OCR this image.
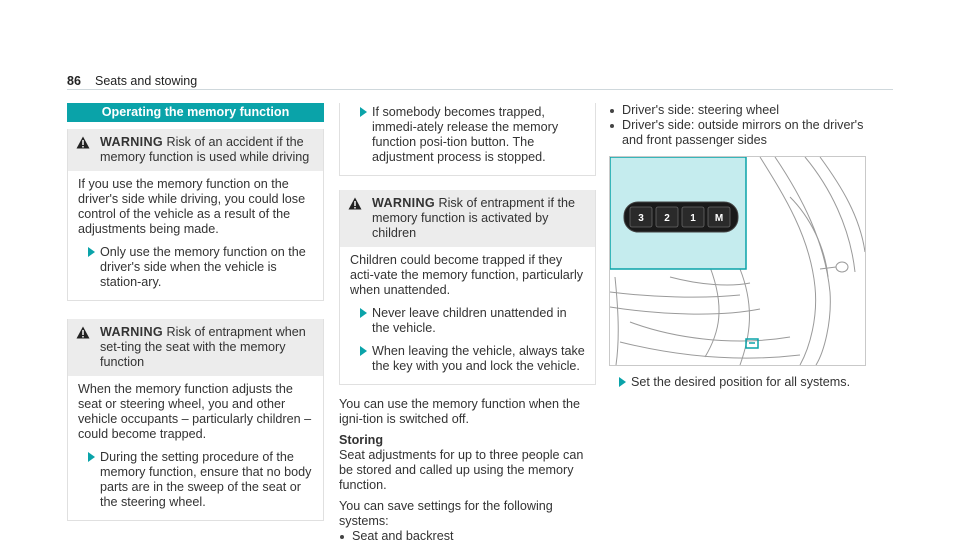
86 Seats and stowing
Operating the memory function
WARNING Risk of an accident if the memory function is used while driving

If you use the memory function on the driver's side while driving, you could lose control of the vehicle as a result of the adjustments being made.

Only use the memory function on the driver's side when the vehicle is station-ary.
WARNING Risk of entrapment when set-ting the seat with the memory function

When the memory function adjusts the seat or steering wheel, you and other vehicle occupants – particularly children – could become trapped.

During the setting procedure of the memory function, ensure that no body parts are in the sweep of the seat or the steering wheel.
If somebody becomes trapped, immedi-ately release the memory function posi-tion button. The adjustment process is stopped.
WARNING Risk of entrapment if the memory function is activated by children

Children could become trapped if they acti-vate the memory function, particularly when unattended.

Never leave children unattended in the vehicle.
When leaving the vehicle, always take the key with you and lock the vehicle.

You can use the memory function when the igni-tion is switched off.

Storing

Seat adjustments for up to three people can be stored and called up using the memory function.

You can save settings for the following systems:

Seat and backrest
Driver's side: steering wheel
Driver's side: outside mirrors on the driver's and front passenger sides
3 2 1 M
Set the desired position for all systems.
